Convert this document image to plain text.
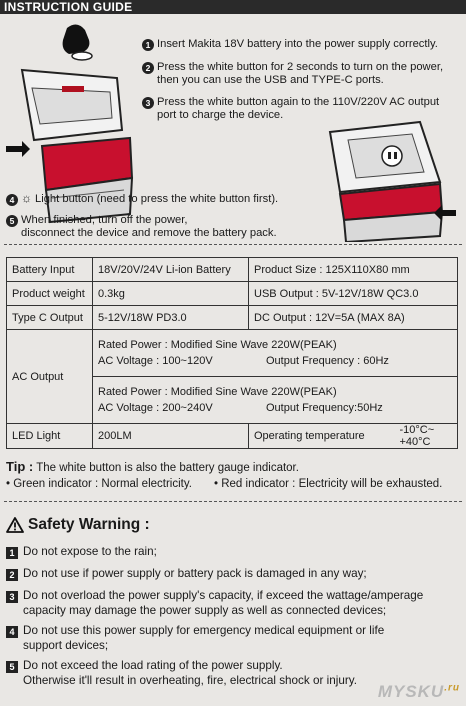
INSTRUCTION GUIDE
1 Insert Makita 18V battery into the power supply correctly.
2 Press the white button for 2 seconds to turn on the power,
then you can use the USB and TYPE-C ports.
3 Press the white button again to the 110V/220V AC output
port to charge the device.
4 ☼ Light button (need to press the white button first).
5 When finished, turn off the power,
disconnect the device and remove the battery pack.
Battery Input	18V/20V/24V Li-ion Battery	Product Size : 125X110X80 mm	
Product weight	0.3kg	USB Output : 5V-12V/18W QC3.0	
Type C Output	5-12V/18W PD3.0	DC Output : 12V=5A (MAX 8A)	
AC Output	Rated Power : Modified Sine Wave 220W(PEAK)
AC Voltage : 100~120V Output Frequency : 60Hz		

	Rated Power : Modified Sine Wave 220W(PEAK)
AC Voltage : 200~240V Output Frequency:50Hz		

LED Light	200LM	Operating temperature	-10°C~ +40°C
Tip : The white button is also the battery gauge indicator.
• Green indicator : Normal electricity.	• Red indicator : Electricity will be exhausted.
Safety Warning :
1 Do not expose to the rain;
2 Do not use if power supply or battery pack is damaged in any way;
3 Do not overload the power supply's capacity, if exceed the wattage/amperage
capacity may damage the power supply as well as connected devices;
4 Do not use this power supply for emergency medical equipment or life
support devices;
5 Do not exceed the load rating of the power supply.
Otherwise it'll result in overheating, fire, electrical shock or injury.
$MYSKU^{.ru}$
